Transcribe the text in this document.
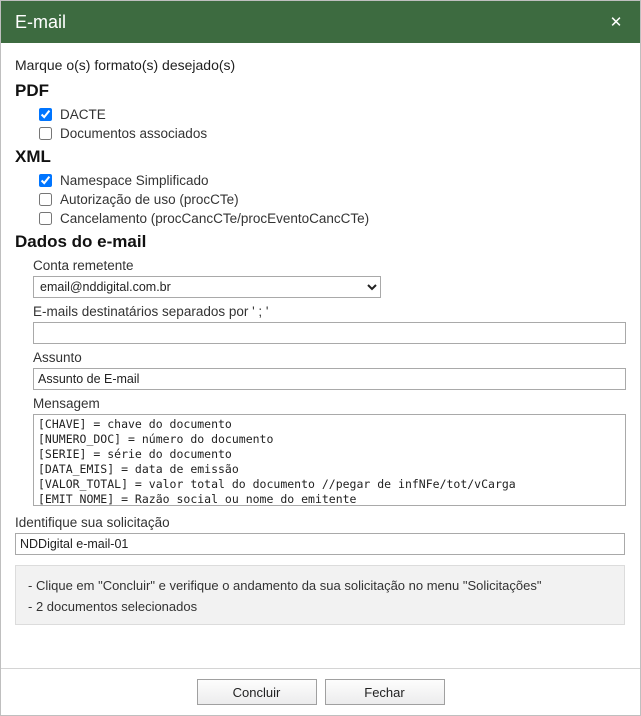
E-mail	✕
Marque o(s) formato(s) desejado(s)
PDF
DACTE
Documentos associados
XML
Namespace Simplificado
Autorização de uso (procCTe)
Cancelamento (procCancCTe/procEventoCancCTe)
Dados do e-mail
Conta remetente
email@nddigital.com.br
E-mails destinatários separados por ' ; '
Assunto
Assunto de E-mail
Mensagem
[CHAVE] = chave do documento [NUMERO_DOC] = número do documento [SERIE] = série do documento [DATA_EMIS] = data de emissão [VALOR_TOTAL] = valor total do documento //pegar de infNFe/tot/vCarga [EMIT_NOME] = Razão social ou nome do emitente
Identifique sua solicitação
NDDigital e-mail-01
- Clique em "Concluir" e verifique o andamento da sua solicitação no menu "Solicitações"
- 2 documentos selecionados
Concluir	Fechar
